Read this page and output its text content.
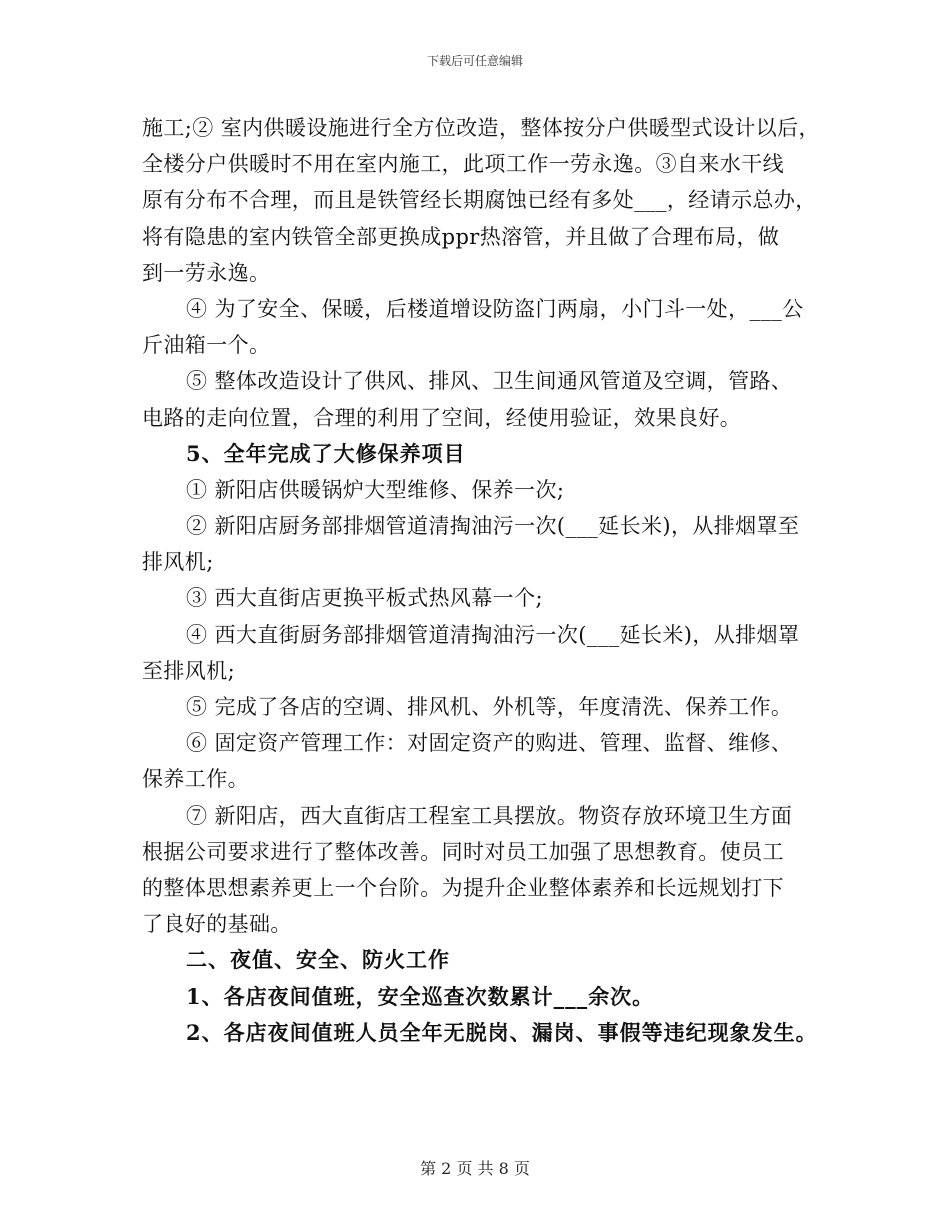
下载后可任意编辑
施工;② 室内供暖设施进行全方位改造，整体按分户供暖型式设计以后，
全楼分户供暖时不用在室内施工，此项工作一劳永逸。③自来水干线
原有分布不合理，而且是铁管经长期腐蚀已经有多处___，经请示总办，
将有隐患的室内铁管全部更换成ppr热溶管，并且做了合理布局，做
到一劳永逸。
④ 为了安全、保暖，后楼道增设防盗门两扇，小门斗一处，___公
斤油箱一个。
⑤ 整体改造设计了供风、排风、卫生间通风管道及空调，管路、
电路的走向位置，合理的利用了空间，经使用验证，效果良好。
5、全年完成了大修保养项目
① 新阳店供暖锅炉大型维修、保养一次;
② 新阳店厨务部排烟管道清掏油污一次(___延长米)，从排烟罩至
排风机;
③ 西大直街店更换平板式热风幕一个;
④ 西大直街厨务部排烟管道清掏油污一次(___延长米)，从排烟罩
至排风机;
⑤ 完成了各店的空调、排风机、外机等，年度清洗、保养工作。
⑥ 固定资产管理工作：对固定资产的购进、管理、监督、维修、
保养工作。
⑦ 新阳店，西大直街店工程室工具摆放。物资存放环境卫生方面
根据公司要求进行了整体改善。同时对员工加强了思想教育。使员工
的整体思想素养更上一个台阶。为提升企业整体素养和长远规划打下
了良好的基础。
二、夜值、安全、防火工作
1、各店夜间值班，安全巡查次数累计___余次。
2、各店夜间值班人员全年无脱岗、漏岗、事假等违纪现象发生。
第 2 页 共 8 页
